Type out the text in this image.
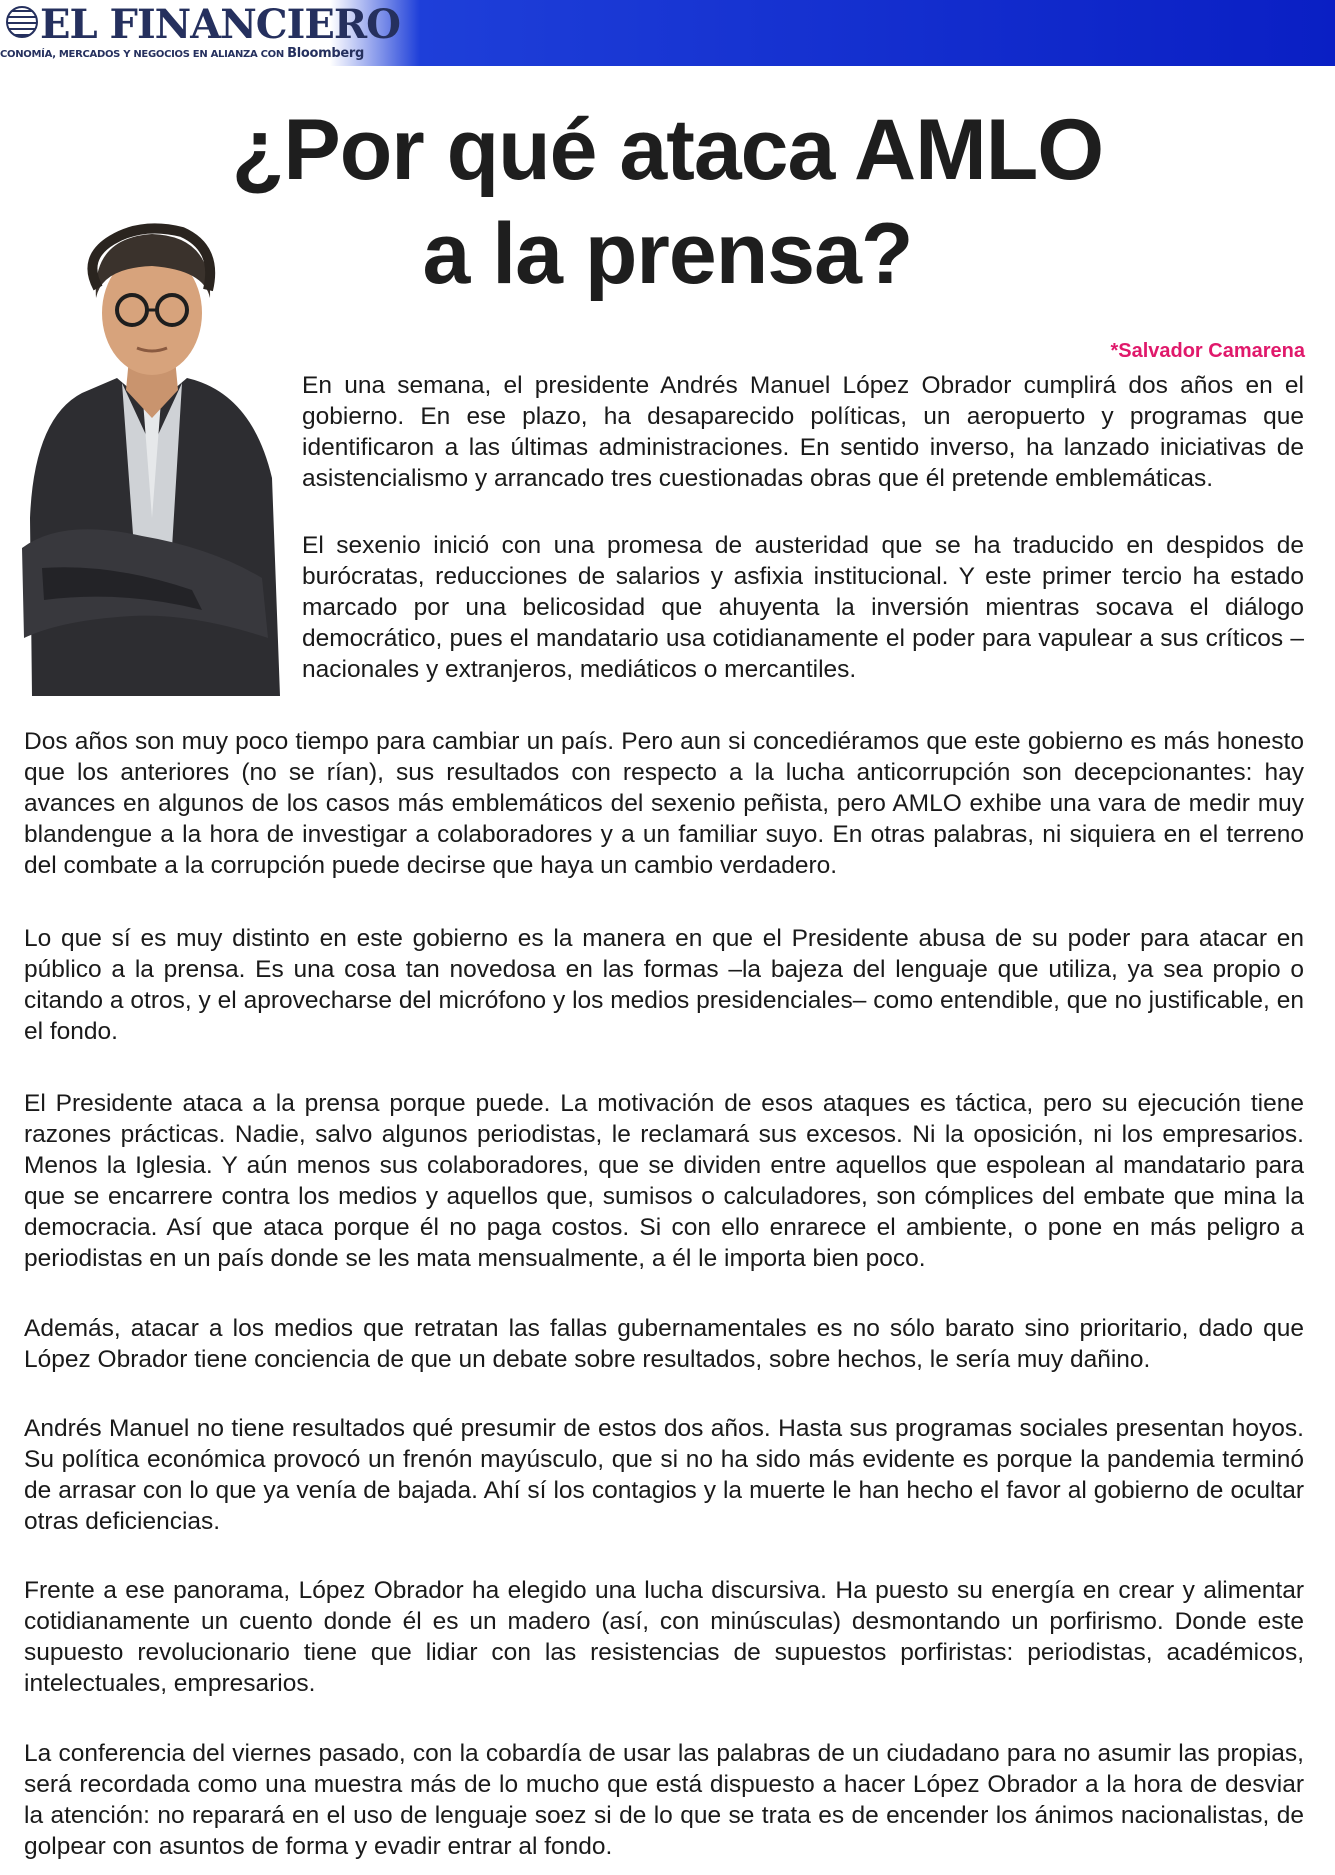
EL FINANCIERO
CONOMÍA, MERCADOS Y NEGOCIOS EN ALIANZA CON Bloomberg
¿Por qué ataca AMLO
a la prensa?
*Salvador Camarena

En una semana, el presidente Andrés Manuel López Obrador cumplirá dos años en el gobierno. En ese plazo, ha desaparecido políticas, un aeropuerto y programas que identificaron a las últimas administraciones. En sentido inverso, ha lanzado iniciativas de asistencialismo y arrancado tres cuestionadas obras que él pretende emblemáticas.

El sexenio inició con una promesa de austeridad que se ha traducido en despidos de burócratas, reducciones de salarios y asfixia institucional. Y este primer tercio ha estado marcado por una belicosidad que ahuyenta la inversión mientras socava el diálogo democrático, pues el mandatario usa cotidianamente el poder para vapulear a sus críticos –nacionales y extranjeros, mediáticos o mercantiles.

Dos años son muy poco tiempo para cambiar un país. Pero aun si concediéramos que este gobierno es más honesto que los anteriores (no se rían), sus resultados con respecto a la lucha anticorrupción son decepcionantes: hay avances en algunos de los casos más emblemáticos del sexenio peñista, pero AMLO exhibe una vara de medir muy blandengue a la hora de investigar a colaboradores y a un familiar suyo. En otras palabras, ni siquiera en el terreno del combate a la corrupción puede decirse que haya un cambio verdadero.

Lo que sí es muy distinto en este gobierno es la manera en que el Presidente abusa de su poder para atacar en público a la prensa. Es una cosa tan novedosa en las formas –la bajeza del lenguaje que utiliza, ya sea propio o citando a otros, y el aprovecharse del micrófono y los medios presidenciales– como entendible, que no justificable, en el fondo.

El Presidente ataca a la prensa porque puede. La motivación de esos ataques es táctica, pero su ejecución tiene razones prácticas. Nadie, salvo algunos periodistas, le reclamará sus excesos. Ni la oposición, ni los empresarios. Menos la Iglesia. Y aún menos sus colaboradores, que se dividen entre aquellos que espolean al mandatario para que se encarrere contra los medios y aquellos que, sumisos o calculadores, son cómplices del embate que mina la democracia. Así que ataca porque él no paga costos. Si con ello enrarece el ambiente, o pone en más peligro a periodistas en un país donde se les mata mensualmente, a él le importa bien poco.

Además, atacar a los medios que retratan las fallas gubernamentales es no sólo barato sino prioritario, dado que López Obrador tiene conciencia de que un debate sobre resultados, sobre hechos, le sería muy dañino.

Andrés Manuel no tiene resultados qué presumir de estos dos años. Hasta sus programas sociales presentan hoyos. Su política económica provocó un frenón mayúsculo, que si no ha sido más evidente es porque la pandemia terminó de arrasar con lo que ya venía de bajada. Ahí sí los contagios y la muerte le han hecho el favor al gobierno de ocultar otras deficiencias.

Frente a ese panorama, López Obrador ha elegido una lucha discursiva. Ha puesto su energía en crear y alimentar cotidianamente un cuento donde él es un madero (así, con minúsculas) desmontando un porfirismo. Donde este supuesto revolucionario tiene que lidiar con las resistencias de supuestos porfiristas: periodistas, académicos, intelectuales, empresarios.

La conferencia del viernes pasado, con la cobardía de usar las palabras de un ciudadano para no asumir las propias, será recordada como una muestra más de lo mucho que está dispuesto a hacer López Obrador a la hora de desviar la atención: no reparará en el uso de lenguaje soez si de lo que se trata es de encender los ánimos nacionalistas, de golpear con asuntos de forma y evadir entrar al fondo.
